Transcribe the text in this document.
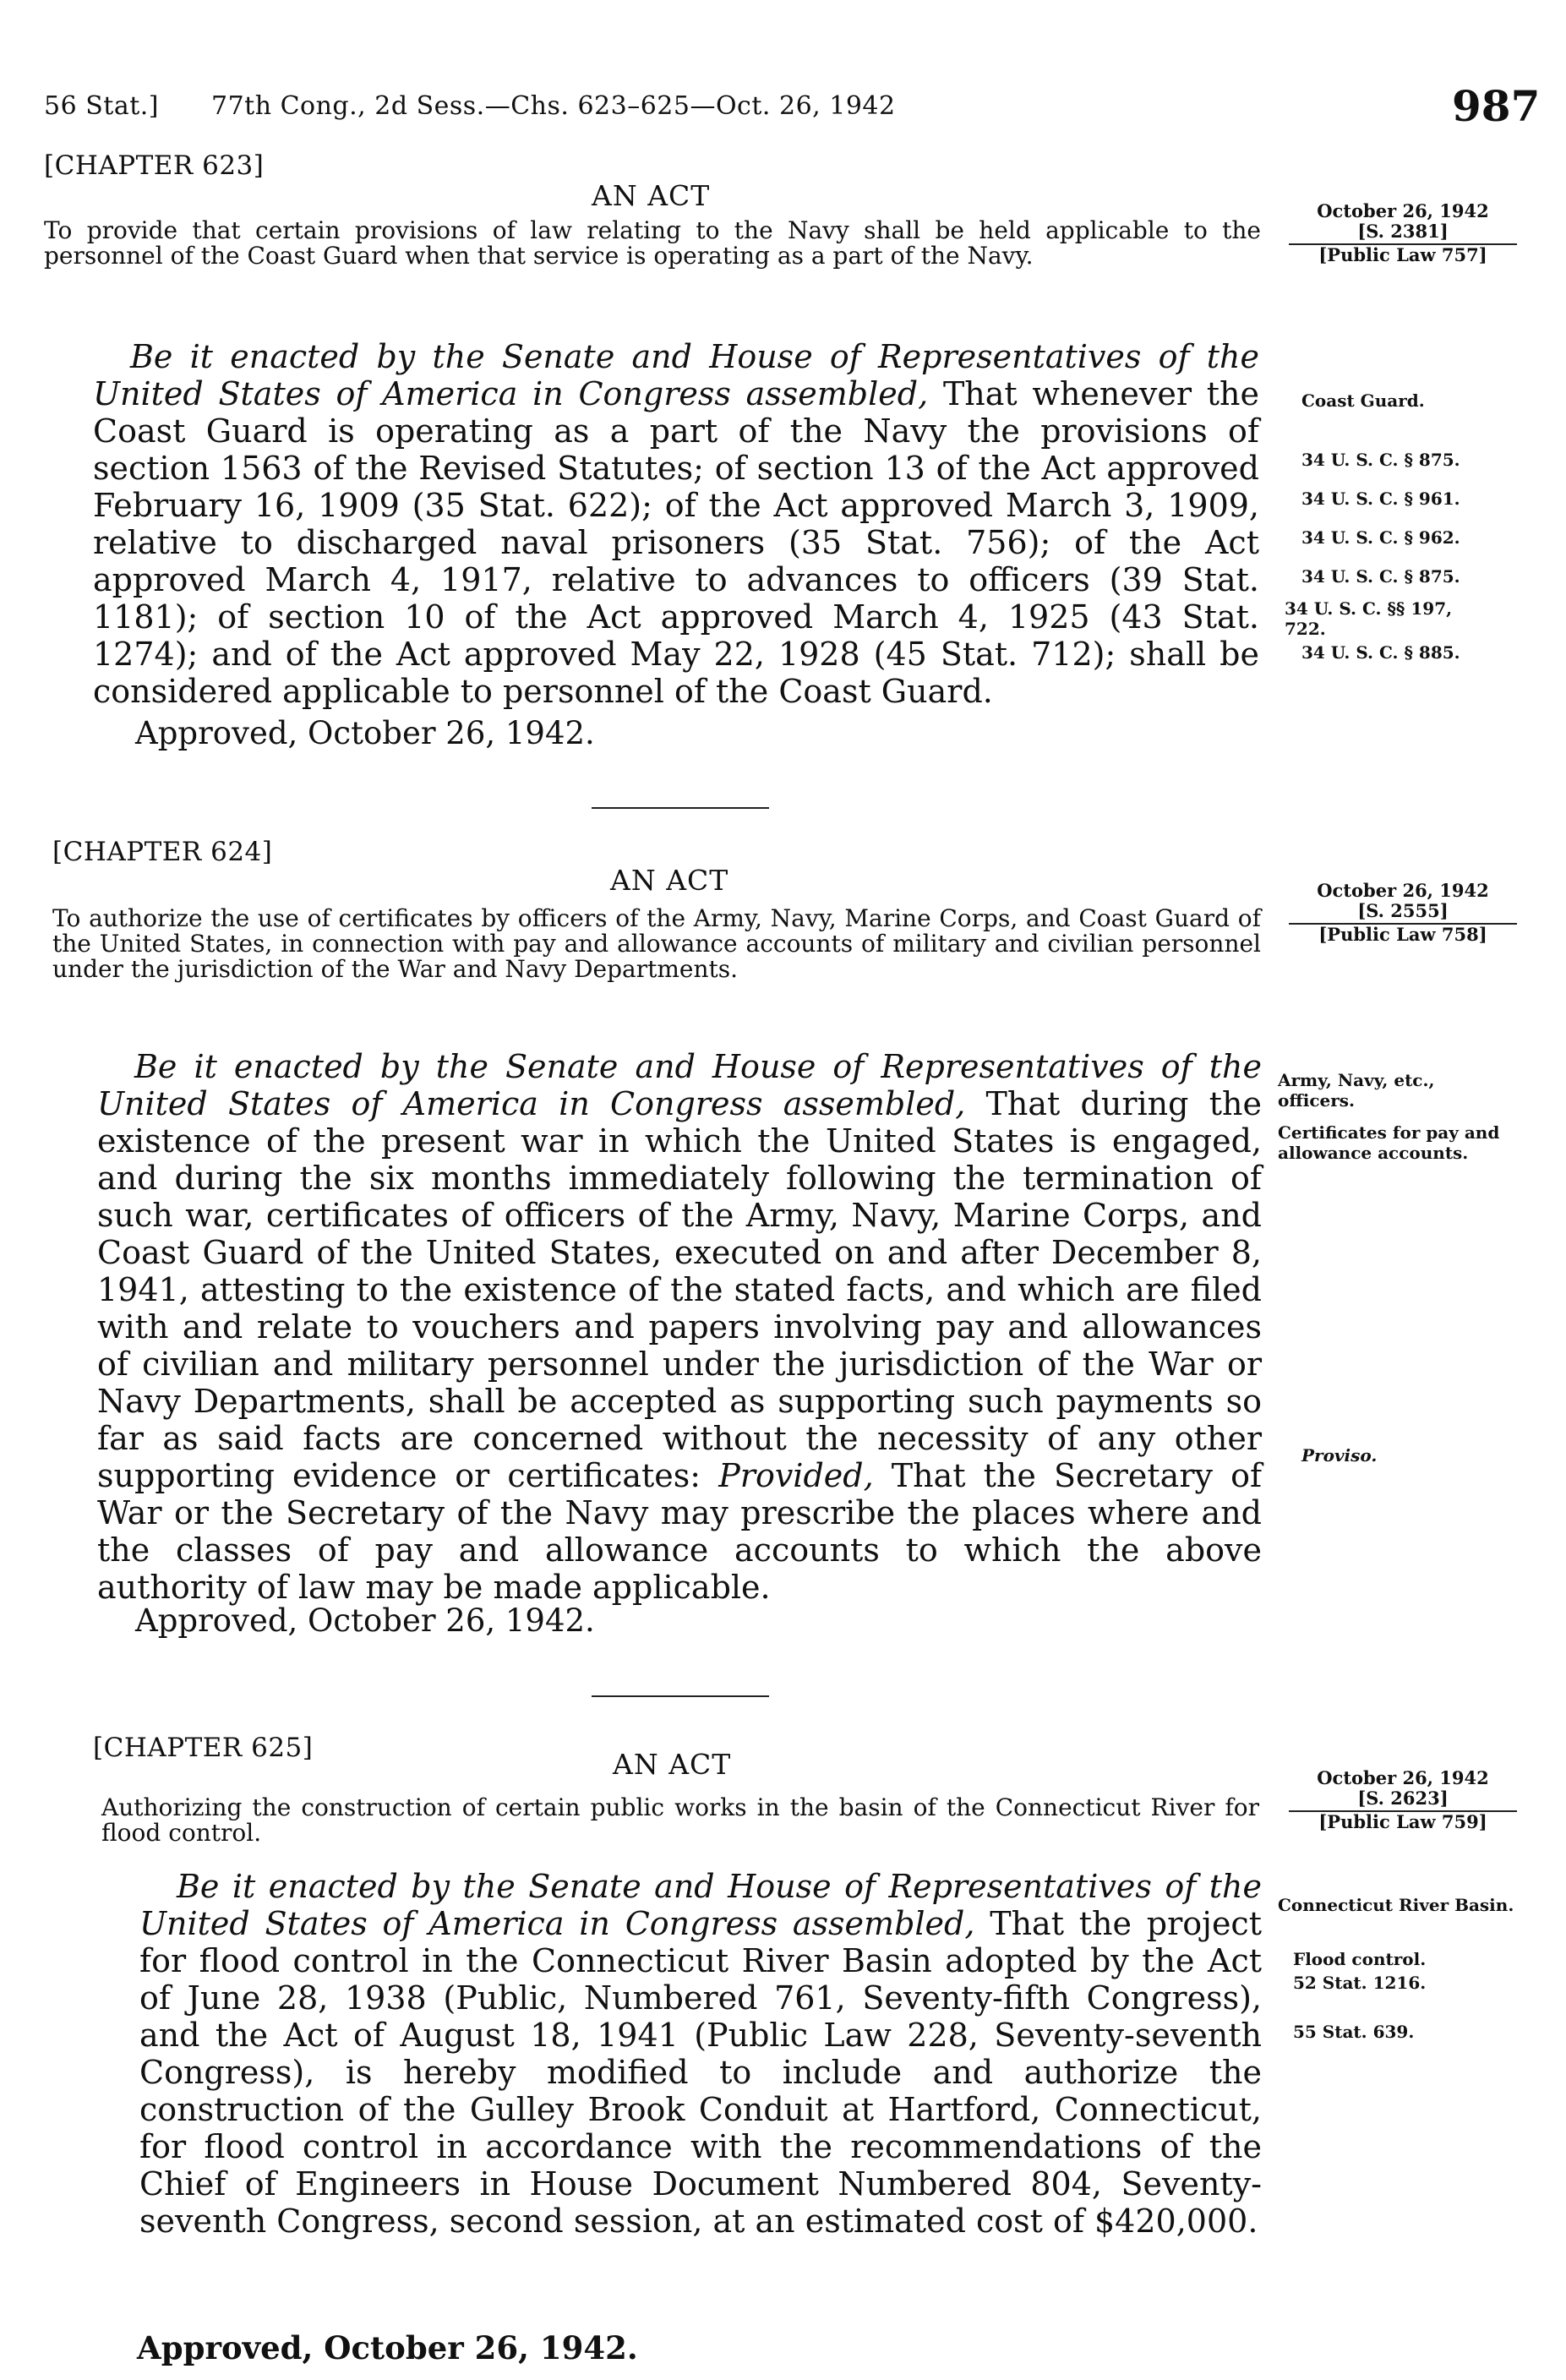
56 Stat.] 77th Cong., 2d Sess.—Chs. 623–625—Oct. 26, 1942	987
[CHAPTER 623]
AN ACT
To provide that certain provisions of law relating to the Navy shall be held applicable to the personnel of the Coast Guard when that service is operating as a part of the Navy.

Be it enacted by the Senate and House of Representatives of the United States of America in Congress assembled, That whenever the Coast Guard is operating as a part of the Navy the provisions of section 1563 of the Revised Statutes; of section 13 of the Act approved February 16, 1909 (35 Stat. 622); of the Act approved March 3, 1909, relative to discharged naval prisoners (35 Stat. 756); of the Act approved March 4, 1917, relative to advances to officers (39 Stat. 1181); of section 10 of the Act approved March 4, 1925 (43 Stat. 1274); and of the Act approved May 22, 1928 (45 Stat. 712); shall be considered applicable to personnel of the Coast Guard.

Approved, October 26, 1942.
October 26, 1942
[S. 2381]
[Public Law 757]
Coast Guard.
34 U. S. C. § 875.
34 U. S. C. § 961.
34 U. S. C. § 962.
34 U. S. C. § 875.
34 U. S. C. §§ 197, 722.
34 U. S. C. § 885.
[CHAPTER 624]
AN ACT
To authorize the use of certificates by officers of the Army, Navy, Marine Corps, and Coast Guard of the United States, in connection with pay and allowance accounts of military and civilian personnel under the jurisdiction of the War and Navy Departments.

Be it enacted by the Senate and House of Representatives of the United States of America in Congress assembled, That during the existence of the present war in which the United States is engaged, and during the six months immediately following the termination of such war, certificates of officers of the Army, Navy, Marine Corps, and Coast Guard of the United States, executed on and after December 8, 1941, attesting to the existence of the stated facts, and which are filed with and relate to vouchers and papers involving pay and allowances of civilian and military personnel under the jurisdiction of the War or Navy Departments, shall be accepted as supporting such payments so far as said facts are concerned without the necessity of any other supporting evidence or certificates: Provided, That the Secretary of War or the Secretary of the Navy may prescribe the places where and the classes of pay and allowance accounts to which the above authority of law may be made applicable.

Approved, October 26, 1942.
October 26, 1942
[S. 2555]
[Public Law 758]
Army, Navy, etc., officers.
Certificates for pay and allowance accounts.
Proviso.
[CHAPTER 625]	AN ACT
Authorizing the construction of certain public works in the basin of the Connecticut River for flood control.

Be it enacted by the Senate and House of Representatives of the United States of America in Congress assembled, That the project for flood control in the Connecticut River Basin adopted by the Act of June 28, 1938 (Public, Numbered 761, Seventy-fifth Congress), and the Act of August 18, 1941 (Public Law 228, Seventy-seventh Congress), is hereby modified to include and authorize the construction of the Gulley Brook Conduit at Hartford, Connecticut, for flood control in accordance with the recommendations of the Chief of Engineers in House Document Numbered 804, Seventy-seventh Congress, second session, at an estimated cost of $420,000.

Approved, October 26, 1942.
October 26, 1942
[S. 2623]
[Public Law 759]
Connecticut River Basin.
Flood control.
52 Stat. 1216.
55 Stat. 639.
